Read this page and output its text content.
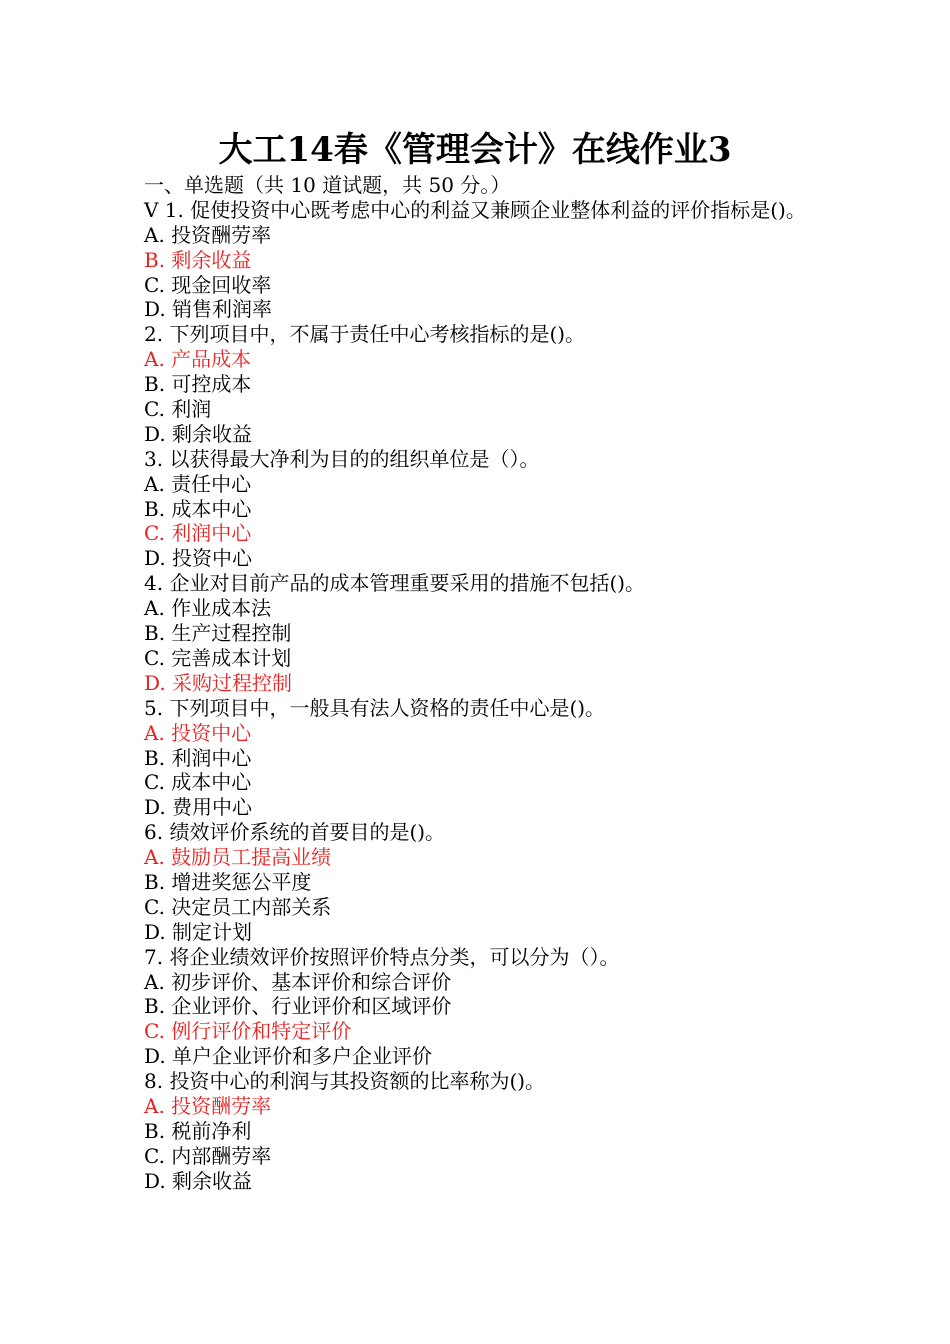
大工14春《管理会计》在线作业3
一、单选题（共 10 道试题，共 50 分。）
V 1. 促使投资中心既考虑中心的利益又兼顾企业整体利益的评价指标是()。
A. 投资酬劳率
B. 剩余收益
C. 现金回收率
D. 销售利润率
2. 下列项目中，不属于责任中心考核指标的是()。
A. 产品成本
B. 可控成本
C. 利润
D. 剩余收益
3. 以获得最大净利为目的的组织单位是（）。
A. 责任中心
B. 成本中心
C. 利润中心
D. 投资中心
4. 企业对目前产品的成本管理重要采用的措施不包括()。
A. 作业成本法
B. 生产过程控制
C. 完善成本计划
D. 采购过程控制
5. 下列项目中，一般具有法人资格的责任中心是()。
A. 投资中心
B. 利润中心
C. 成本中心
D. 费用中心
6. 绩效评价系统的首要目的是()。
A. 鼓励员工提高业绩
B. 增进奖惩公平度
C. 决定员工内部关系
D. 制定计划
7. 将企业绩效评价按照评价特点分类，可以分为（）。
A. 初步评价、基本评价和综合评价
B. 企业评价、行业评价和区域评价
C. 例行评价和特定评价
D. 单户企业评价和多户企业评价
8. 投资中心的利润与其投资额的比率称为()。
A. 投资酬劳率
B. 税前净利
C. 内部酬劳率
D. 剩余收益
